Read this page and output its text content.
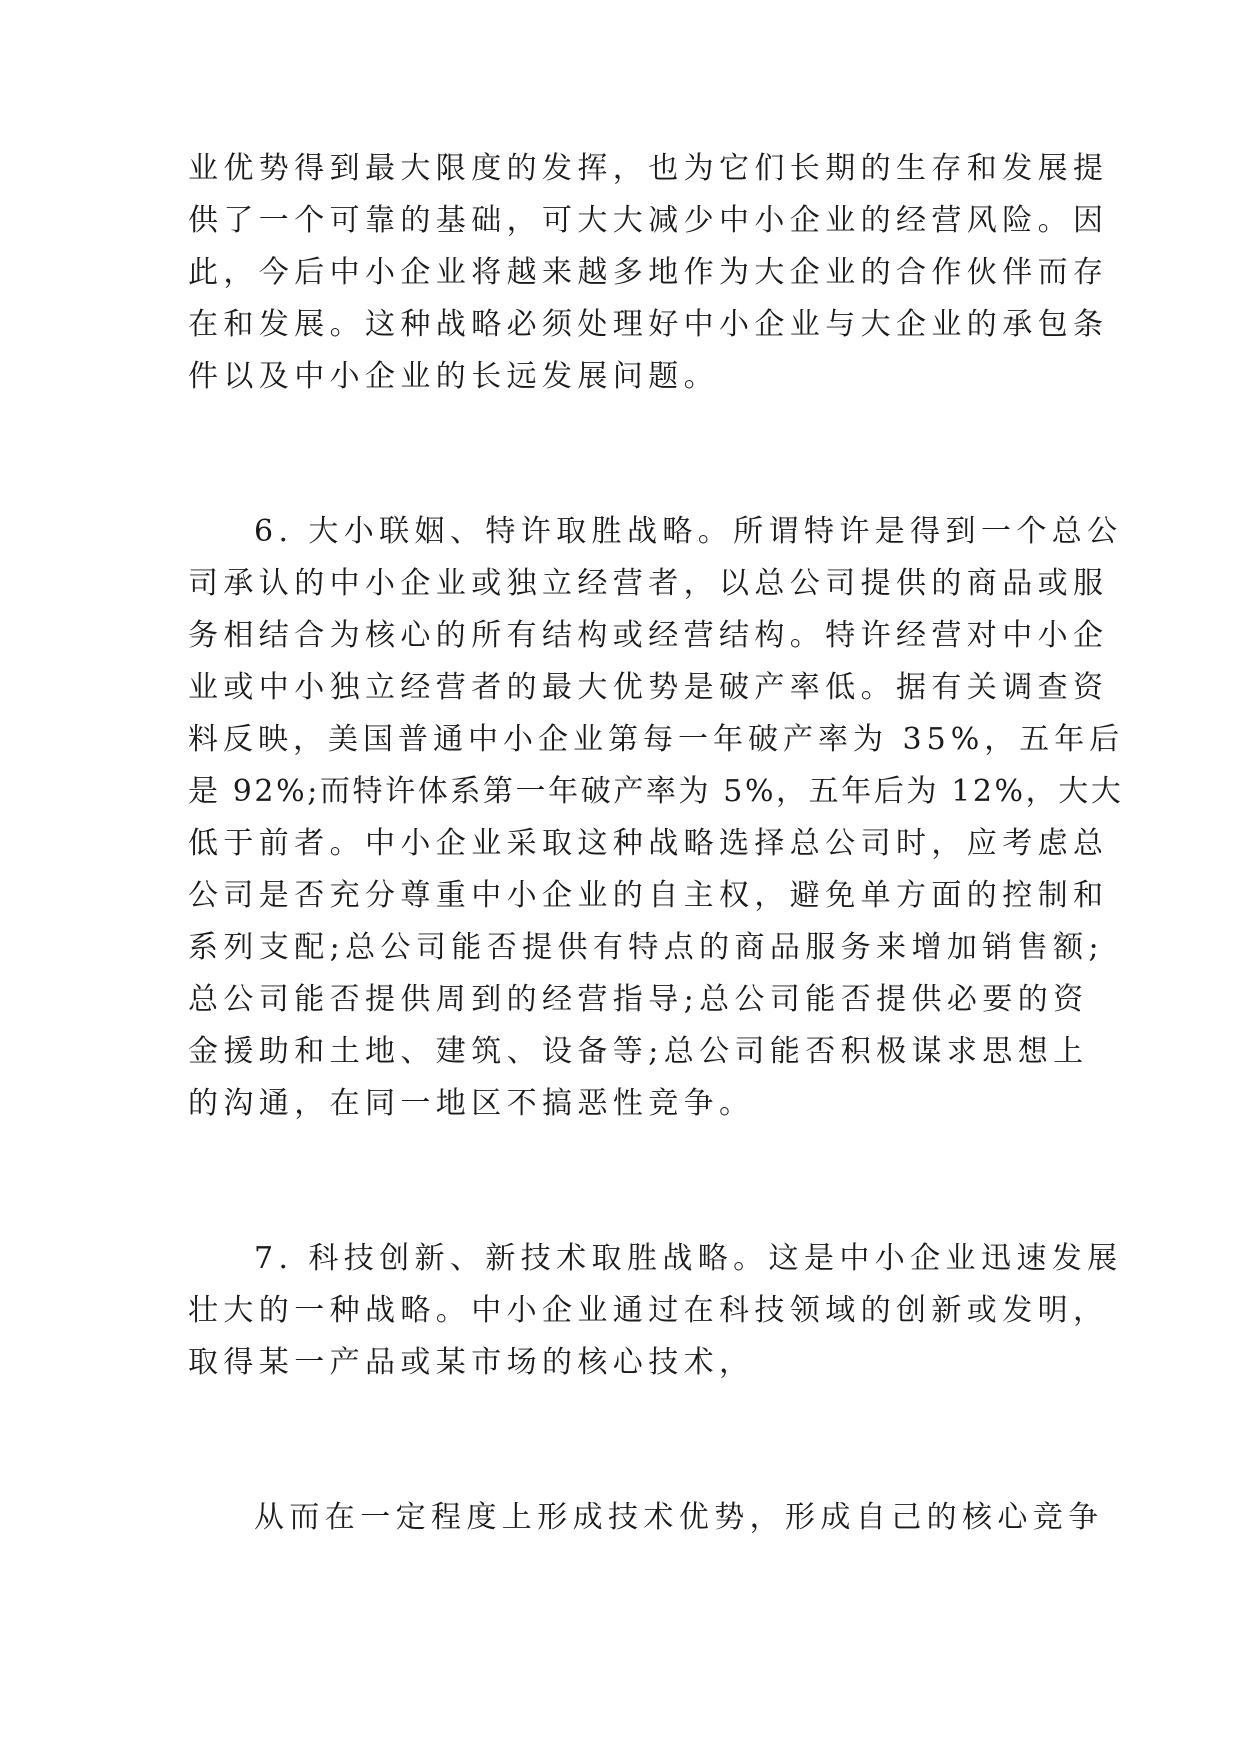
业优势得到最大限度的发挥，也为它们长期的生存和发展提
供了一个可靠的基础，可大大减少中小企业的经营风险。因
此，今后中小企业将越来越多地作为大企业的合作伙伴而存
在和发展。这种战略必须处理好中小企业与大企业的承包条
件以及中小企业的长远发展问题。
6. 大小联姻、特许取胜战略。所谓特许是得到一个总公
司承认的中小企业或独立经营者，以总公司提供的商品或服
务相结合为核心的所有结构或经营结构。特许经营对中小企
业或中小独立经营者的最大优势是破产率低。据有关调查资
料反映，美国普通中小企业第每一年破产率为 35%，五年后
是 92%;而特许体系第一年破产率为 5%，五年后为 12%，大大
低于前者。中小企业采取这种战略选择总公司时，应考虑总
公司是否充分尊重中小企业的自主权，避免单方面的控制和
系列支配;总公司能否提供有特点的商品服务来增加销售额;
总公司能否提供周到的经营指导;总公司能否提供必要的资
金援助和土地、建筑、设备等;总公司能否积极谋求思想上
的沟通，在同一地区不搞恶性竞争。
7. 科技创新、新技术取胜战略。这是中小企业迅速发展
壮大的一种战略。中小企业通过在科技领域的创新或发明，
取得某一产品或某市场的核心技术，
从而在一定程度上形成技术优势，形成自己的核心竞争
